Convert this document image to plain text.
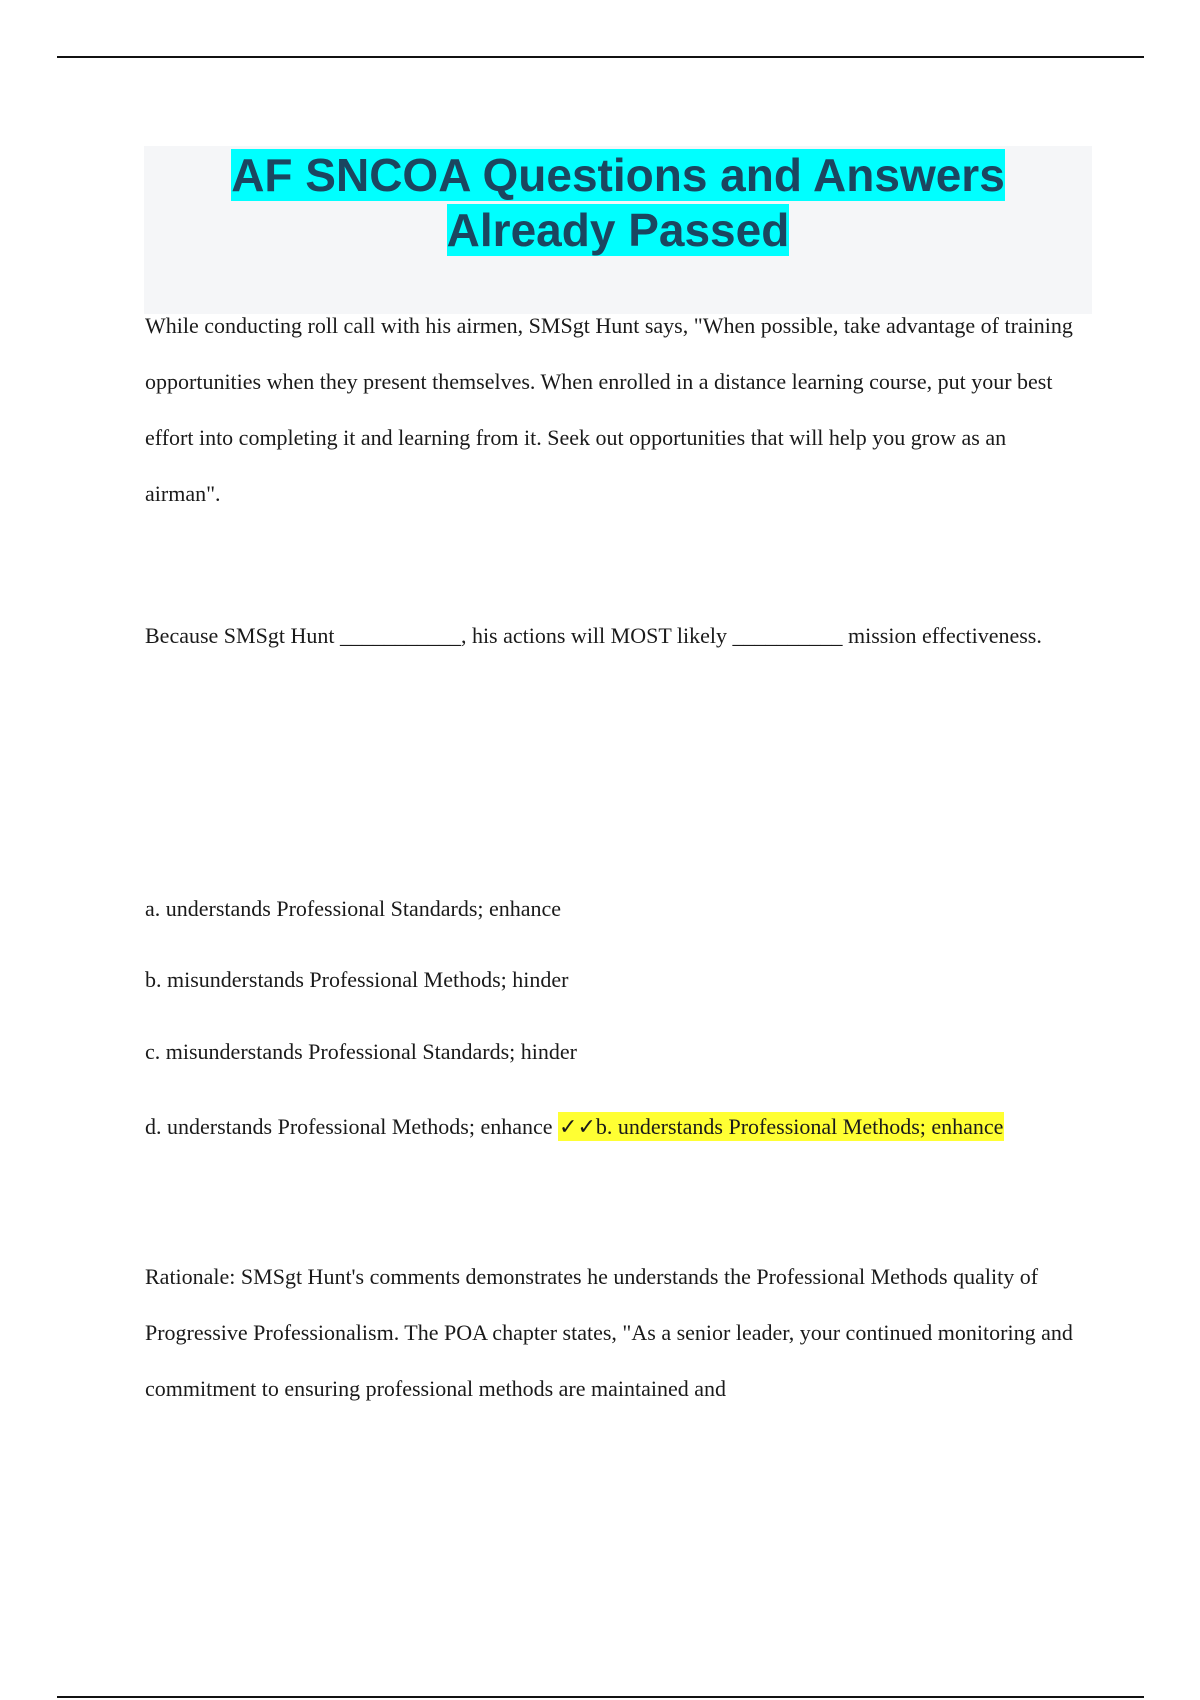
AF SNCOA Questions and Answers Already Passed

While conducting roll call with his airmen, SMSgt Hunt says, "When possible, take advantage of training opportunities when they present themselves. When enrolled in a distance learning course, put your best effort into completing it and learning from it. Seek out opportunities that will help you grow as an airman".

Because SMSgt Hunt ___________, his actions will MOST likely __________ mission effectiveness.

a. understands Professional Standards; enhance

b. misunderstands Professional Methods; hinder

c. misunderstands Professional Standards; hinder

d. understands Professional Methods; enhance ✓✓b. understands Professional Methods; enhance

Rationale: SMSgt Hunt's comments demonstrates he understands the Professional Methods quality of Progressive Professionalism. The POA chapter states, "As a senior leader, your continued monitoring and commitment to ensuring professional methods are maintained and
